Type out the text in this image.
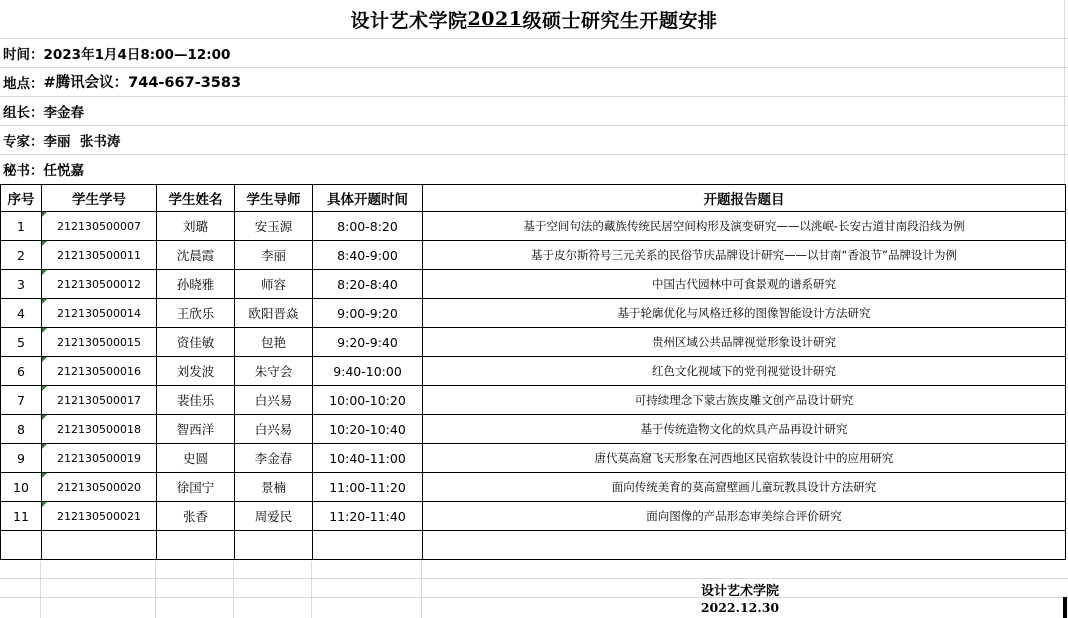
设计艺术学院 2021 级硕士研究生开题安排
时间： 2023年1月4日8:00—12:00
地点： #腾讯会议：744-667-3583
组长： 李金春
专家： 李丽  张书涛
秘书： 任悦嘉
序号	学生学号	学生姓名	学生导师	具体开题时间	开题报告题目
1	212130500007	刘璐	安玉源	8:00-8:20	基于空间句法的藏族传统民居空间构形及演变研究——以洮岷-长安古道甘南段沿线为例
2	212130500011	沈晨霞	李丽	8:40-9:00	基于皮尔斯符号三元关系的民俗节庆品牌设计研究——以甘南“香浪节”品牌设计为例
3	212130500012	孙晓雅	师容	8:20-8:40	中国古代园林中可食景观的谱系研究
4	212130500014	王欣乐	欧阳晋焱	9:00-9:20	基于轮廓优化与风格迁移的图像智能设计方法研究
5	212130500015	资佳敏	包艳	9:20-9:40	贵州区域公共品牌视觉形象设计研究
6	212130500016	刘发波	朱守会	9:40-10:00	红色文化视域下的党刊视觉设计研究
7	212130500017	裴佳乐	白兴易	10:00-10:20	可持续理念下蒙古族皮雕文创产品设计研究
8	212130500018	智西洋	白兴易	10:20-10:40	基于传统造物文化的炊具产品再设计研究
9	212130500019	史圆	李金春	10:40-11:00	唐代莫高窟飞天形象在河西地区民宿软装设计中的应用研究
10	212130500020	徐国宁	景楠	11:00-11:20	面向传统美育的莫高窟壁画儿童玩教具设计方法研究
11	212130500021	张香	周爱民	11:20-11:40	面向图像的产品形态审美综合评价研究

设计艺术学院
2022.12.30
